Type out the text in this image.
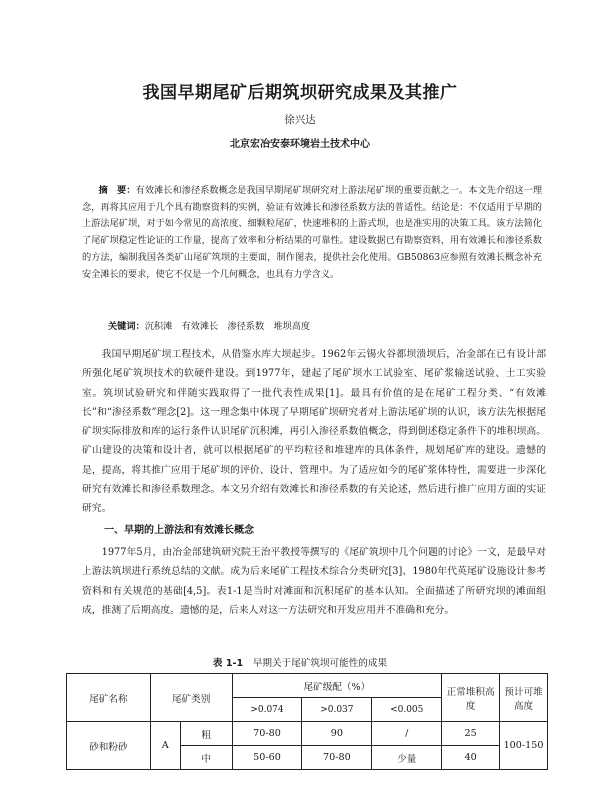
我国早期尾矿后期筑坝研究成果及其推广
徐兴达
北京宏冶安泰环境岩土技术中心
摘　要：有效滩长和渗径系数概念是我国早期尾矿坝研究对上游法尾矿坝的重要贡献之一。本文先介绍这一理念，再将其应用于几个具有勘察资料的实例，验证有效滩长和渗径系数方法的普适性。结论是：不仅适用于早期的上游法尾矿坝，对于如今常见的高浓度、细颗粒尾矿，快速堆积的上游式坝，也是准实用的决策工具。该方法简化了尾矿坝稳定性论证的工作量，提高了效率和分析结果的可靠性。建设数据已有勘察资料，用有效滩长和渗径系数的方法，编制我国各类矿山尾矿筑坝的主要面，制作图表，提供社会化使用。GB50863应参照有效滩长概念补充安全滩长的要求，使它不仅是一个几何概念，也具有力学含义。
关键词：沉积滩　有效滩长　渗径系数　堆坝高度
我国早期尾矿坝工程技术，从借鉴水库大坝起步。1962年云锡火谷都坝溃坝后，冶金部在已有设计部所强化尾矿筑坝技术的软硬件建设。到1977年，建起了尾矿坝水工试验室、尾矿浆输送试验、土工实验室。筑坝试验研究和伴随实践取得了一批代表性成果[1]。最具有价值的是在尾矿工程分类、“有效滩长”和“渗径系数”理念[2]。这一理念集中体现了早期尾矿坝研究者对上游法尾矿坝的认识，该方法先根据尾矿坝实际排放和库的运行条件认识尾矿沉积滩，再引入渗径系数值概念，得到倒述稳定条件下的堆积坝高。矿山建设的决策和设计者，就可以根据尾矿的平均粒径和堆建库的具体条件，规划尾矿库的建设。遗憾的是，提高，将其推广应用于尾矿坝的评价、设计、管理中。为了适应如今的尾矿浆体特性，需要进一步深化研究有效滩长和渗径系数理念。本文另介绍有效滩长和渗径系数的有关论述，然后进行推广应用方面的实证研究。
一、早期的上游法和有效滩长概念
1977年5月，由冶金部建筑研究院王治平教授等撰写的《尾矿筑坝中几个问题的讨论》一文，是最早对上游法筑坝进行系统总结的文献。成为后来尾矿工程技术综合分类研究[3]、1980年代英尾矿设施设计参考资料和有关规范的基础[4,5]。表1-1是当时对滩面和沉积尾矿的基本认知。全面描述了所研究坝的滩面组成，推测了后期高度。遗憾的是，后来人对这一方法研究和开发应用并不准确和充分。
表 1-1　 早期关于尾矿筑坝可能性的成果
尾矿名称	尾矿类别		尾矿级配（%）			正常堆积高度	预计可堆高度
			>0.074	>0.037	<0.005		
砂和粉砂	A	粗	70-80	90	/	25	100-150
		中	50-60	70-80	少量	40	
